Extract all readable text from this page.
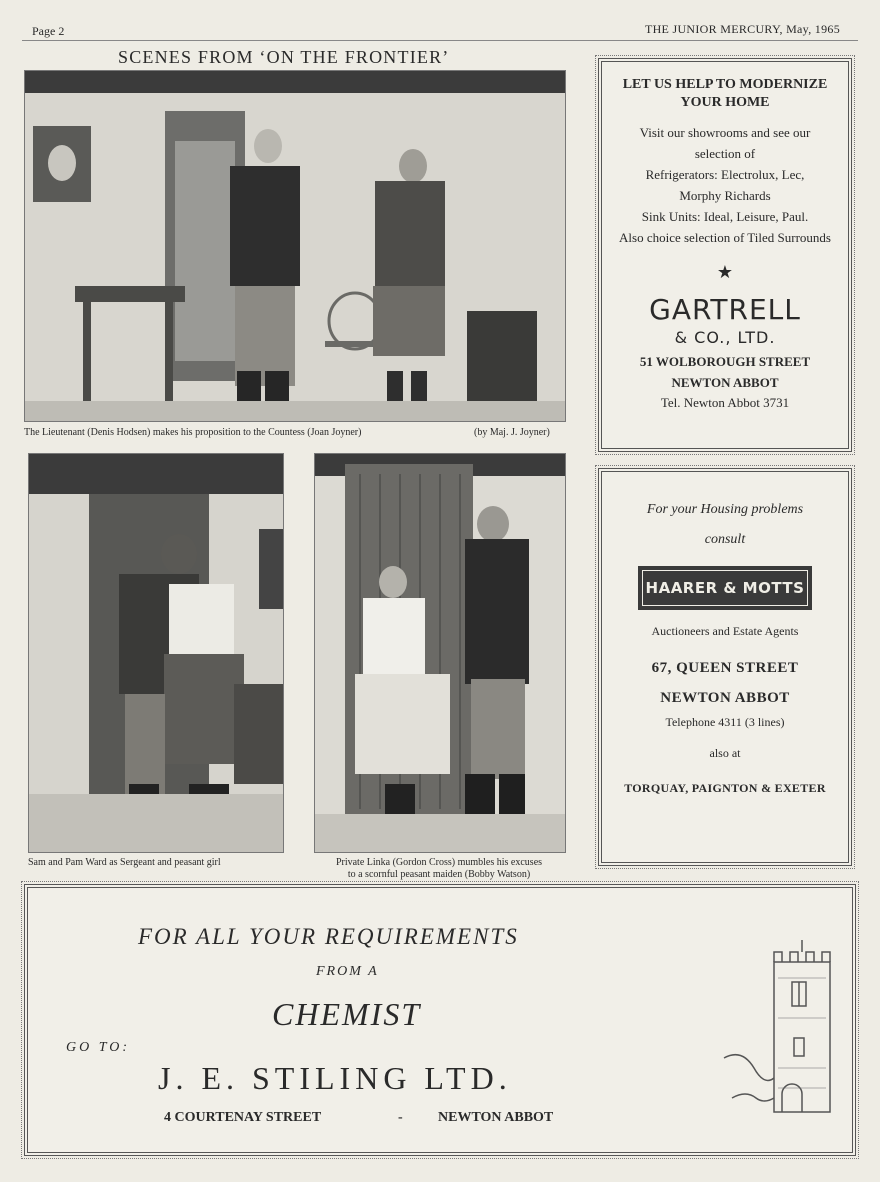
Page 2	THE JUNIOR MERCURY, May, 1965
SCENES FROM ‘ON THE FRONTIER’
The Lieutenant (Denis Hodsen) makes his proposition to the Countess (Joan Joyner)	(by Maj. J. Joyner)
Sam and Pam Ward as Sergeant and peasant girl	Private Linka (Gordon Cross) mumbles his excuses
to a scornful peasant maiden (Bobby Watson)
LET US HELP TO MODERNIZE
YOUR HOME
Visit our showrooms and see our
selection of
Refrigerators: Electrolux, Lec,
Morphy Richards
Sink Units: Ideal, Leisure, Paul.
Also choice selection of Tiled Surrounds
★
GARTRELL
& CO., LTD.
51 WOLBOROUGH STREET
NEWTON ABBOT
Tel. Newton Abbot 3731
For your Housing problems
consult
HAARER & MOTTS
Auctioneers and Estate Agents
67, QUEEN STREET
NEWTON ABBOT
Telephone 4311 (3 lines)
also at
TORQUAY, PAIGNTON & EXETER
FOR ALL YOUR REQUIREMENTS
FROM A
CHEMIST
GO TO:
J. E. STILING LTD.
4 COURTENAY STREET	-	NEWTON ABBOT
